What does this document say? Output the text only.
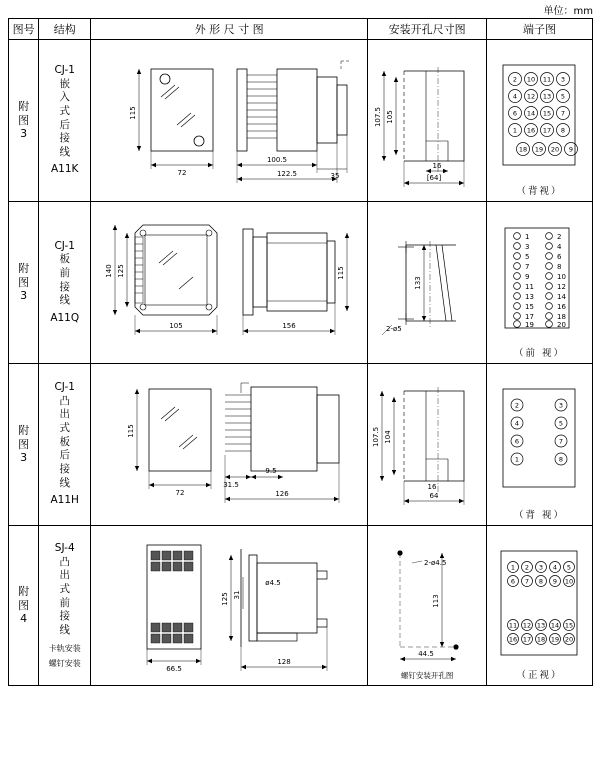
单位：mm
图号	结构	外 形 尺 寸 图	安装开孔尺寸图	端子图

附
图
3

CJ-1
嵌
入
式
后
接
线
A11K

115
72
100.5
122.5	35

107.5 105
16
[64]

2 10 11 3
4 12 13 5
6 14 15 7
1 16 17 8
18 19 20 9
（背视）

附
图
3

CJ-1
板
前
接
线
A11Q

140 125
105	156
115

133
2-ø5

1	2
3	4
5	6
7	8
9	10
11	12
13	14
15	16
17	18
19	20
（前 视）

附
图
3

CJ-1
凸
出
式
板
后
接
线
A11H

115
72
31.5
9.5
126

107.5 104
16
64

2	3
4	5
6	7
1	8
（背 视）

附
图
4

SJ-4
凸
出
式
前
接
线
卡轨安装
螺钉安装

66.5
125 31
ø4.5
128

2-ø4.5
113
44.5
螺钉安装开孔图

1 2 3 4 5
6 7 8 9 10
11 12 13 14 15
16 17 18 19 20
（正视）
